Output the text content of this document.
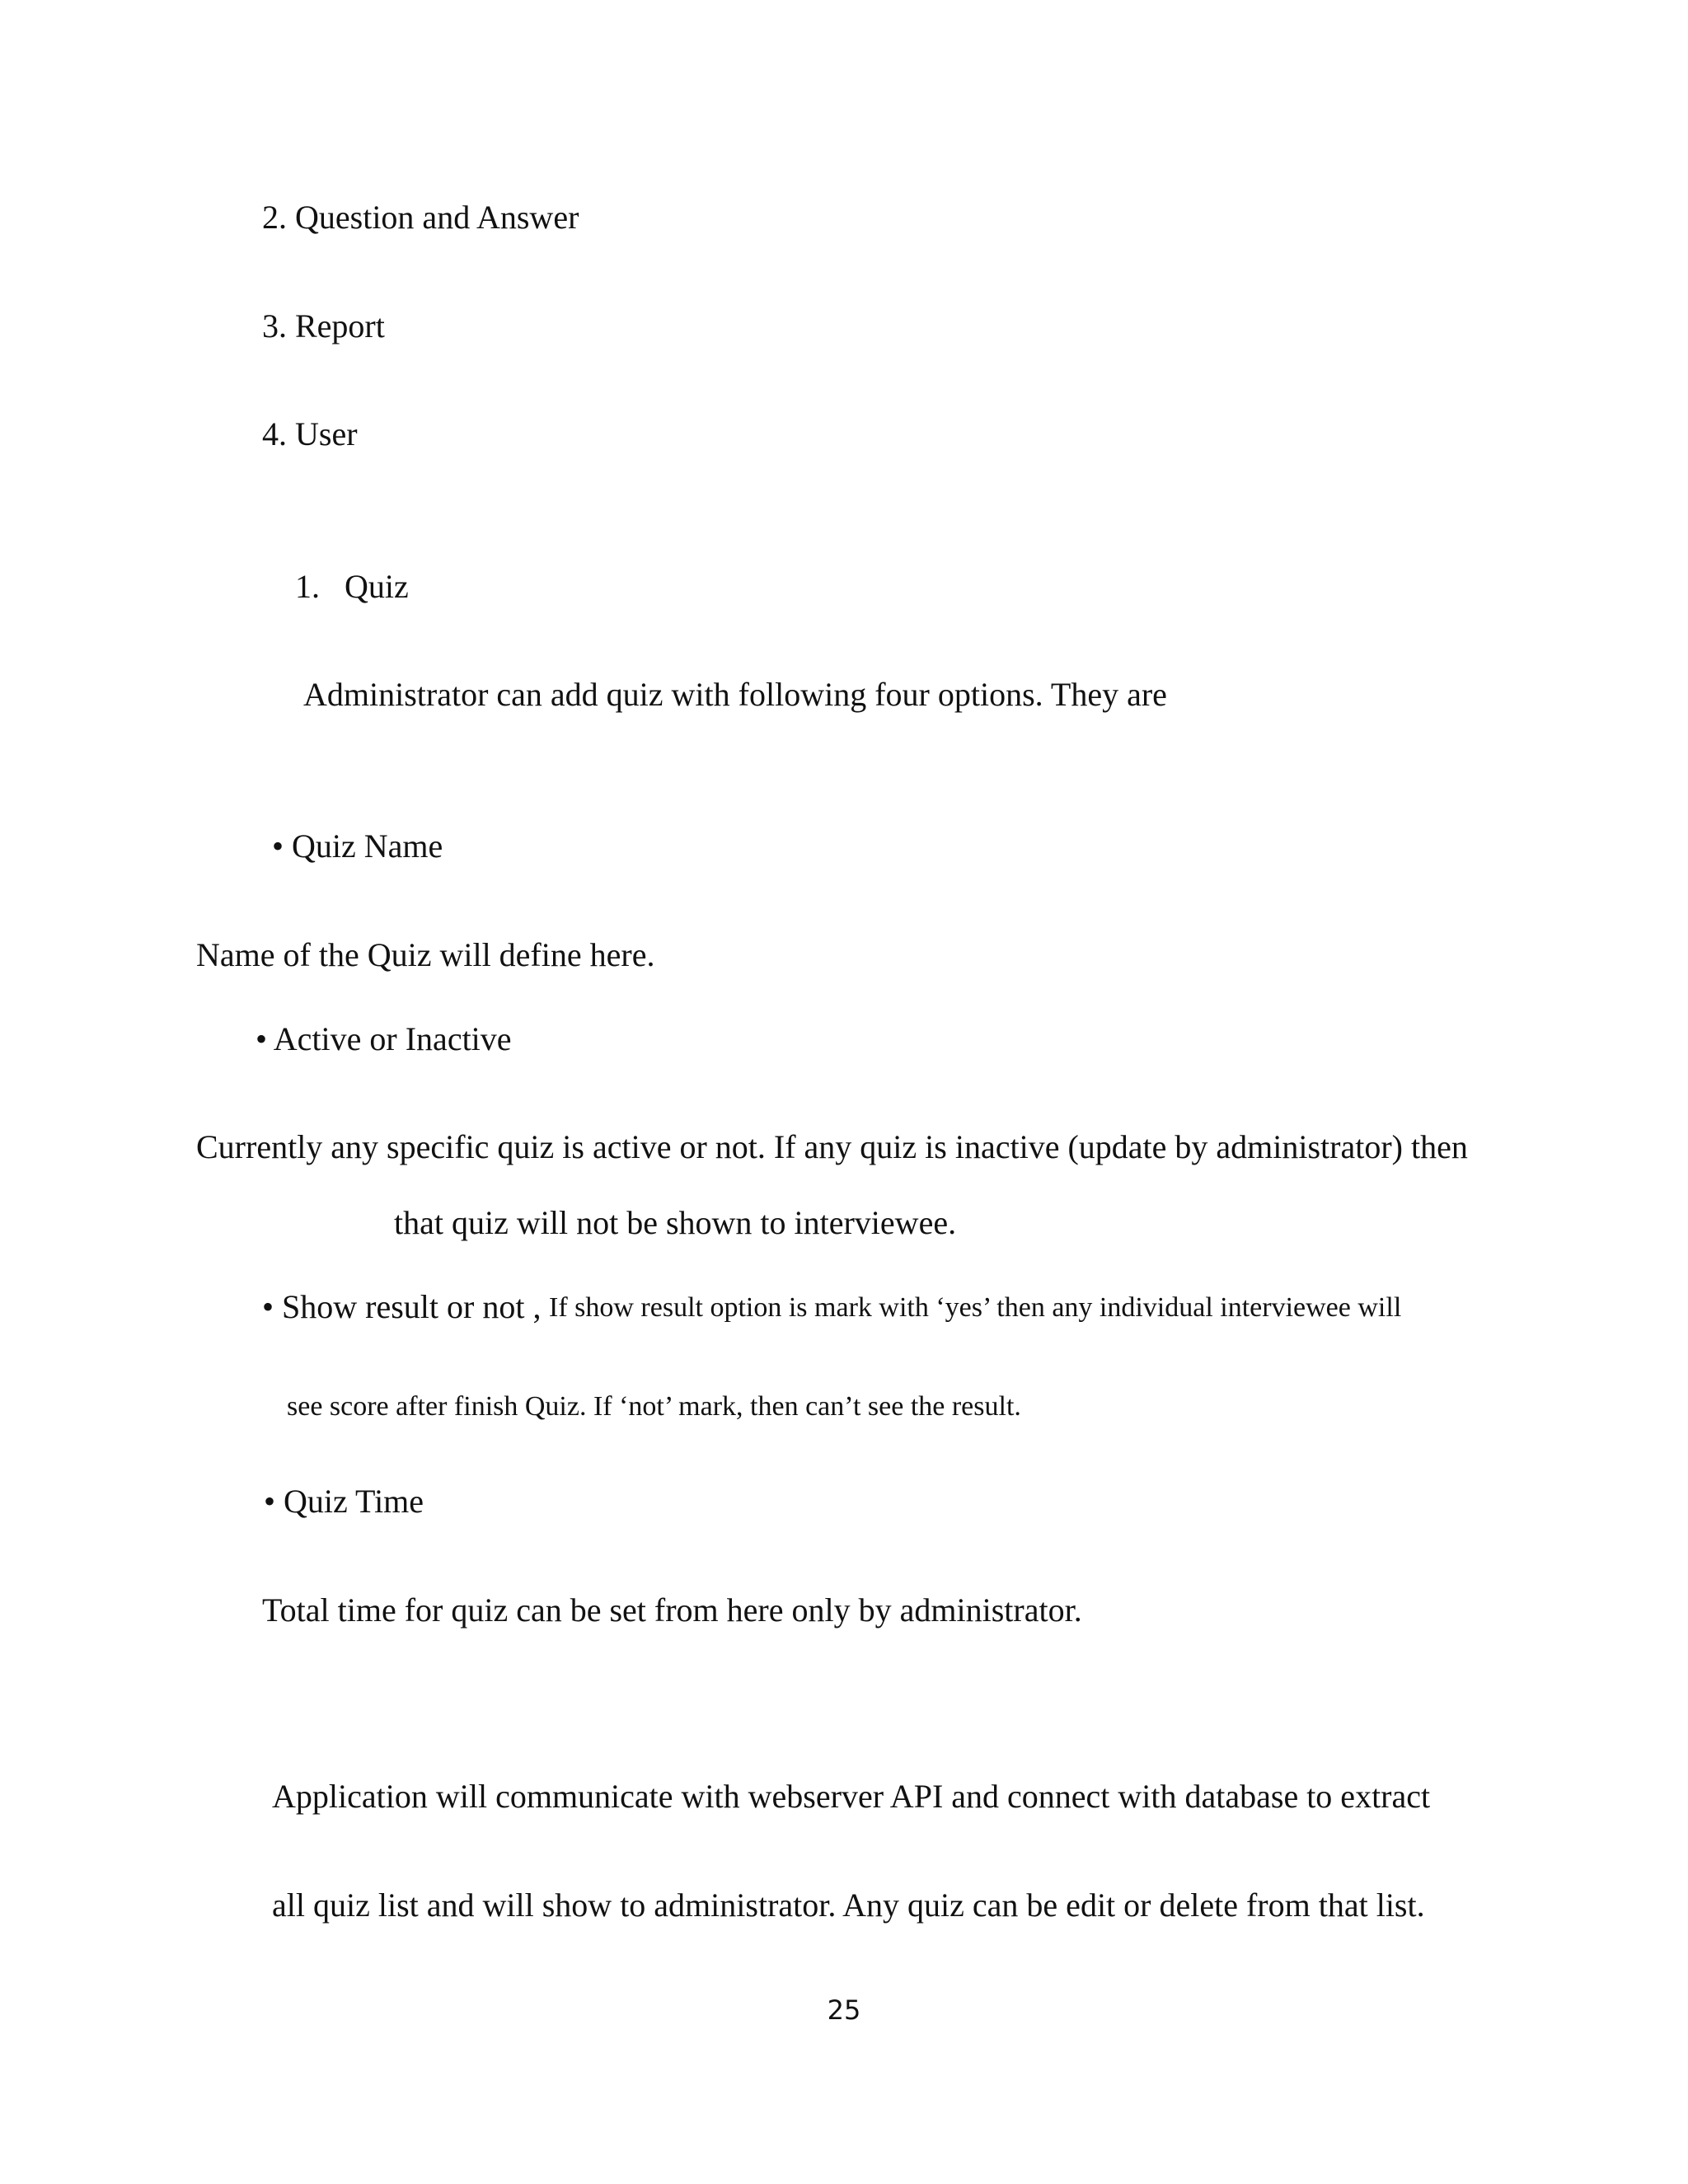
2. Question and Answer
3. Report
4. User
1. Quiz
Administrator can add quiz with following four options. They are
• Quiz Name
Name of the Quiz will define here.
• Active or Inactive
Currently any specific quiz is active or not. If any quiz is inactive (update by administrator) then
that quiz will not be shown to interviewee.
• Show result or not , If show result option is mark with ‘yes’ then any individual interviewee will
see score after finish Quiz. If ‘not’ mark, then can’t see the result.
• Quiz Time
Total time for quiz can be set from here only by administrator.
Application will communicate with webserver API and connect with database to extract
all quiz list and will show to administrator. Any quiz can be edit or delete from that list.
25
